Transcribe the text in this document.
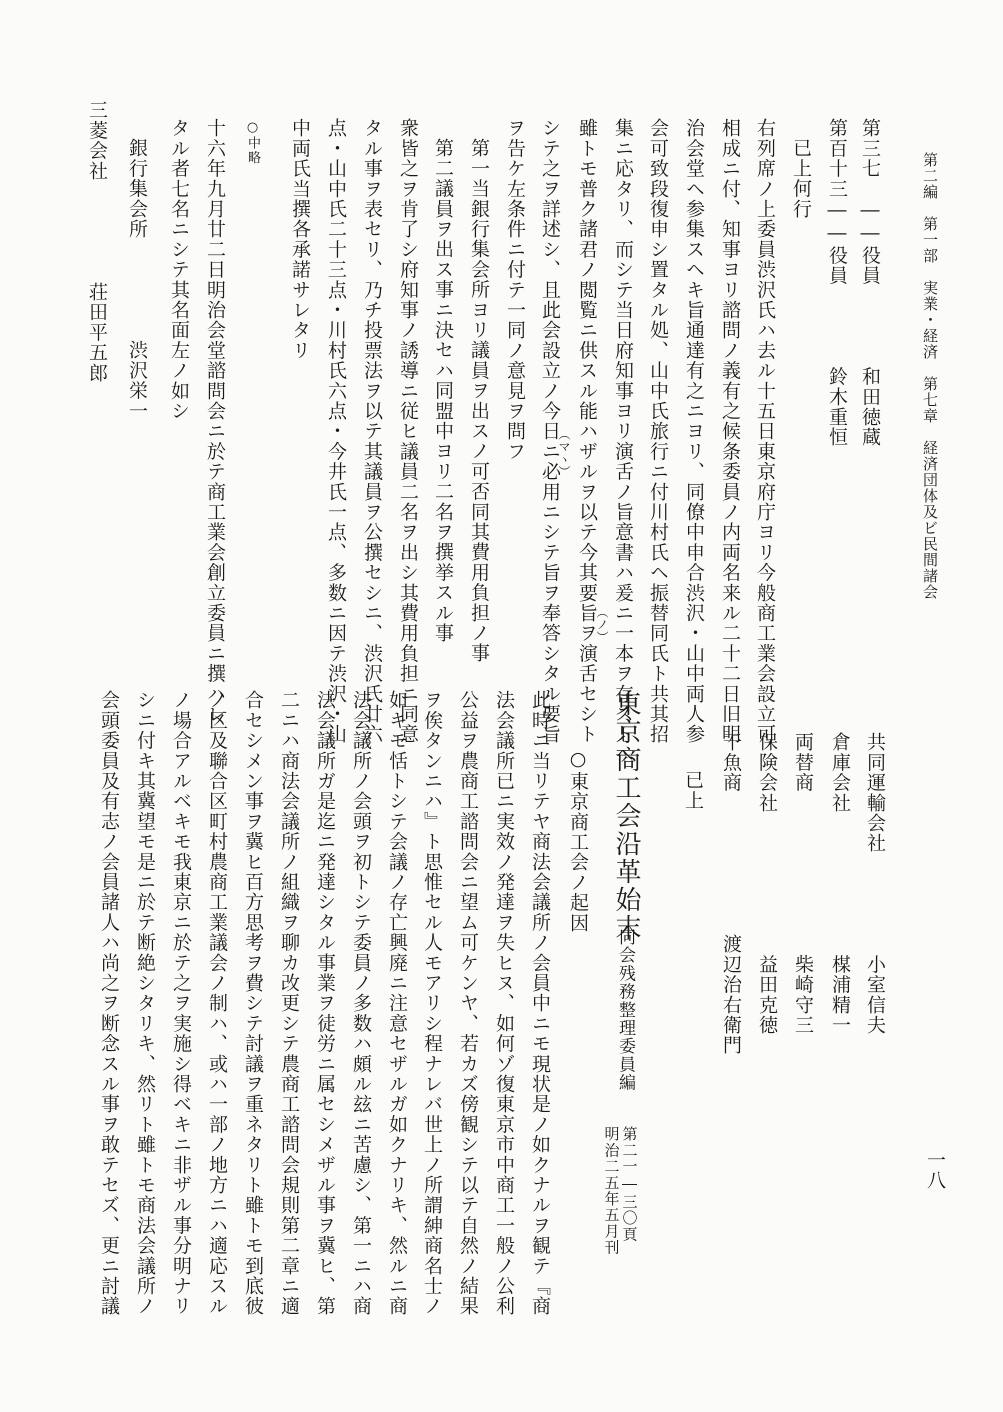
第二編　第一部　実業・経済　第七章　経済団体及ビ民間諸会
一八
第三七　――役員　　　　和田徳蔵
第百十三――役員　　　　鈴木重恒
已上何行
右列席ノ上委員渋沢氏ハ去ル十五日東京府庁ヨリ今般商工業会設立可
相成ニ付、知事ヨリ諮問ノ義有之候条委員ノ内両名来ル二十二日旧明
治会堂ヘ参集スヘキ旨通達有之ニヨリ、同僚中申合渋沢・山中両人参
会可致段復申シ置タル処、山中氏旅行ニ付川村氏ヘ振替同氏ト共其招
集ニ応タリ、而シテ当日府知事ヨリ演舌ノ旨意書ハ爰ニ一本ヲ存ストへ
（ノ）
雖トモ普ク諸君ノ閲覧ニ供スル能ハザルヲ以テ今其要旨ヲ演舌セシト
（マヽ）
シテ之ヲ詳述シ、且此会設立ノ今日ニ必用ニシテ旨ヲ奉答シタル要旨
ヲ告ケ左条件ニ付テ一同ノ意見ヲ問フ
第一当銀行集会所ヨリ議員ヲ出スノ可否同其費用負担ノ事
第二議員ヲ出ス事ニ決セハ同盟中ヨリ二名ヲ撰挙スル事
衆皆之ヲ肯了シ府知事ノ誘導ニ従ヒ議員二名ヲ出シ其費用負担ニ同意
タル事ヲ表セリ、乃チ投票法ヲ以テ其議員ヲ公撰セシニ、渋沢氏廿六
点・山中氏二十三点・川村氏六点・今井氏一点、多数ニ因テ渋沢・山
中両氏当撰各承諾サレタリ
○中略
十六年九月廿二日明治会堂諮問会ニ於テ商工業会創立委員ニ撰ハレ
タル者七名ニシテ其名面左ノ如シ
銀行集会所　　　　　渋沢栄一
三菱会社　　　　　荘田平五郎
共同運輸会社　　　　　小室信夫
倉庫会社　　　　　　　楳浦精一
両替商　　　　　　　　柴崎守三
保険会社　　　　　　　益田克徳
干魚商　　　　　　　渡辺治右衛門
已上
東京商工会沿革始末
同会残務整理委員編
第二一―三〇頁
明治二五年五月刊
○東京商工会ノ起因
此時ニ当リテヤ商法会議所ノ会員中ニモ現状是ノ如クナルヲ観テ『商
法会議所已ニ実效ノ発達ヲ失ヒヌ、如何ゾ復東京市中商工一般ノ公利
公益ヲ農商工諮問会ニ望ム可ケンヤ、若カズ傍観シテ以テ自然ノ結果
ヲ俟タンニハ』ト思惟セル人モアリシ程ナレバ世上ノ所謂紳商名士ノ
如キモ恬トシテ会議ノ存亡興廃ニ注意セザルガ如クナリキ、然ルニ商
法会議所ノ会頭ヲ初トシテ委員ノ多数ハ頗ル玆ニ苦慮シ、第一ニハ商
法会議所ガ是迄ニ発達シタル事業ヲ徒労ニ属セシメザル事ヲ冀ヒ、第
二ニハ商法会議所ノ組織ヲ聊カ改更シテ農商工諮問会規則第二章ニ適
合セシメン事ヲ冀ヒ百方思考ヲ費シテ討議ヲ重ネタリト雖トモ到底彼
ノ区及聯合区町村農商工業議会ノ制ハ、或ハ一部ノ地方ニハ適応スル
ノ場合アルベキモ我東京ニ於テ之ヲ実施シ得ベキニ非ザル事分明ナリ
シニ付キ其冀望モ是ニ於テ断絶シタリキ、然リト雖トモ商法会議所ノ
会頭委員及有志ノ会員諸人ハ尚之ヲ断念スル事ヲ敢テセズ、更ニ討議
